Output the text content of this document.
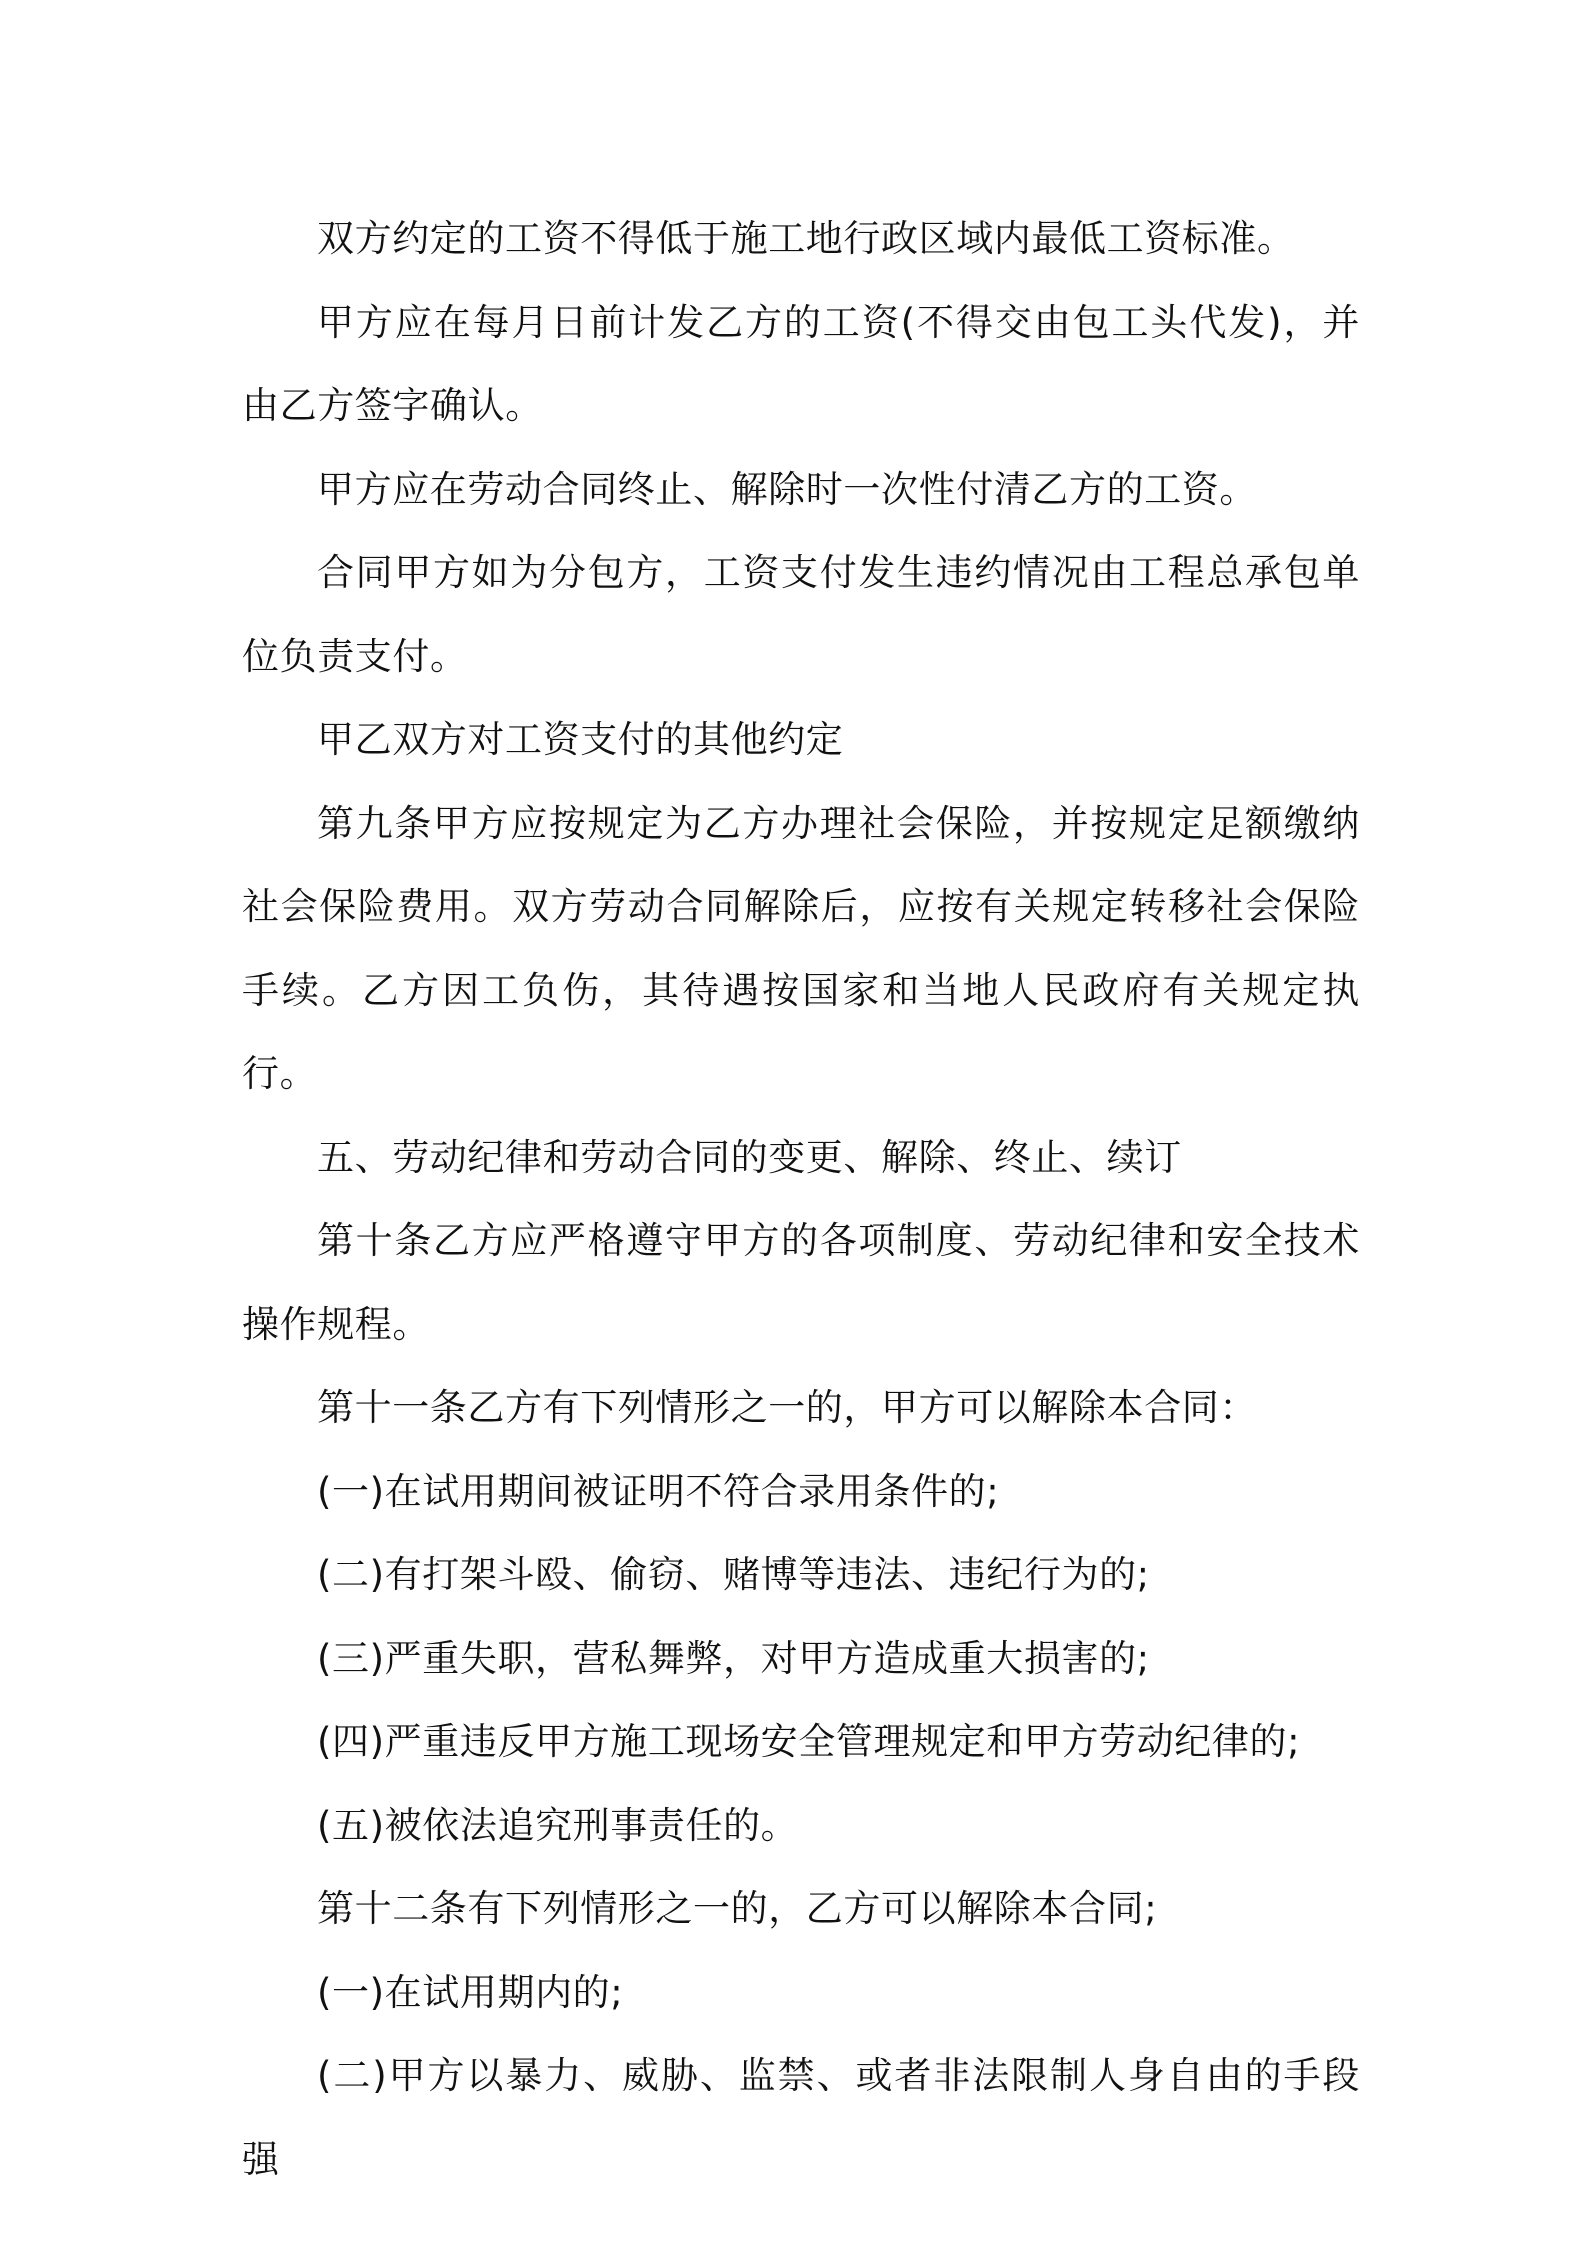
双方约定的工资不得低于施工地行政区域内最低工资标准。

甲方应在每月日前计发乙方的工资(不得交由包工头代发)，并由乙方签字确认。

甲方应在劳动合同终止、解除时一次性付清乙方的工资。

合同甲方如为分包方，工资支付发生违约情况由工程总承包单位负责支付。

甲乙双方对工资支付的其他约定

第九条甲方应按规定为乙方办理社会保险，并按规定足额缴纳社会保险费用。双方劳动合同解除后，应按有关规定转移社会保险手续。乙方因工负伤，其待遇按国家和当地人民政府有关规定执行。

五、劳动纪律和劳动合同的变更、解除、终止、续订

第十条乙方应严格遵守甲方的各项制度、劳动纪律和安全技术操作规程。

第十一条乙方有下列情形之一的，甲方可以解除本合同：

(一)在试用期间被证明不符合录用条件的;

(二)有打架斗殴、偷窃、赌博等违法、违纪行为的;

(三)严重失职，营私舞弊，对甲方造成重大损害的;

(四)严重违反甲方施工现场安全管理规定和甲方劳动纪律的;

(五)被依法追究刑事责任的。

第十二条有下列情形之一的，乙方可以解除本合同;

(一)在试用期内的;

(二)甲方以暴力、威胁、监禁、或者非法限制人身自由的手段强
